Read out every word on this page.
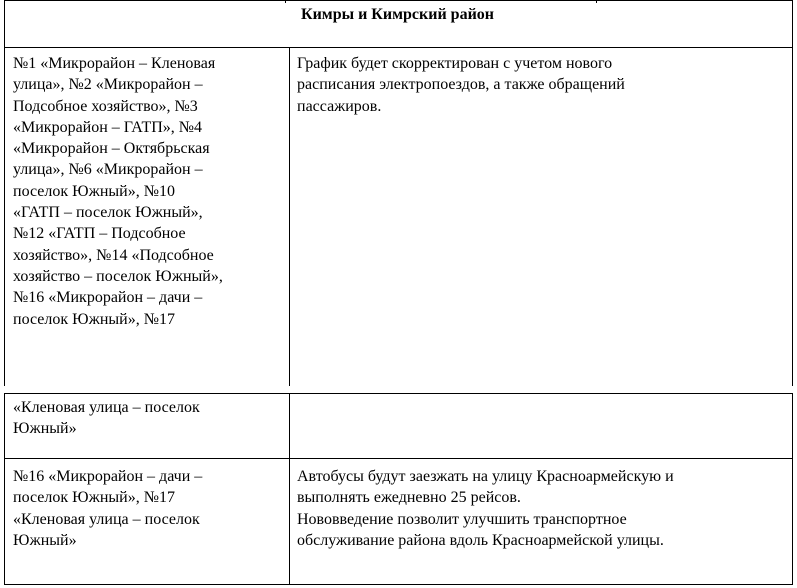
Кимры и Кимрский район
№1 «Микрорайон – Кленовая
улица», №2 «Микрорайон –
Подсобное хозяйство», №3
«Микрорайон – ГАТП», №4
«Микрорайон – Октябрьская
улица», №6 «Микрорайон –
поселок Южный», №10
«ГАТП – поселок Южный»,
№12 «ГАТП – Подсобное
хозяйство», №14 «Подсобное
хозяйство – поселок Южный»,
№16 «Микрорайон – дачи –
поселок Южный», №17
График будет скорректирован с учетом нового
расписания электропоездов, а также обращений
пассажиров.
«Кленовая улица – поселок
Южный»
№16 «Микрорайон – дачи –
поселок Южный», №17
«Кленовая улица – поселок
Южный»
Автобусы будут заезжать на улицу Красноармейскую и
выполнять ежедневно 25 рейсов.
Нововведение позволит улучшить транспортное
обслуживание района вдоль Красноармейской улицы.
